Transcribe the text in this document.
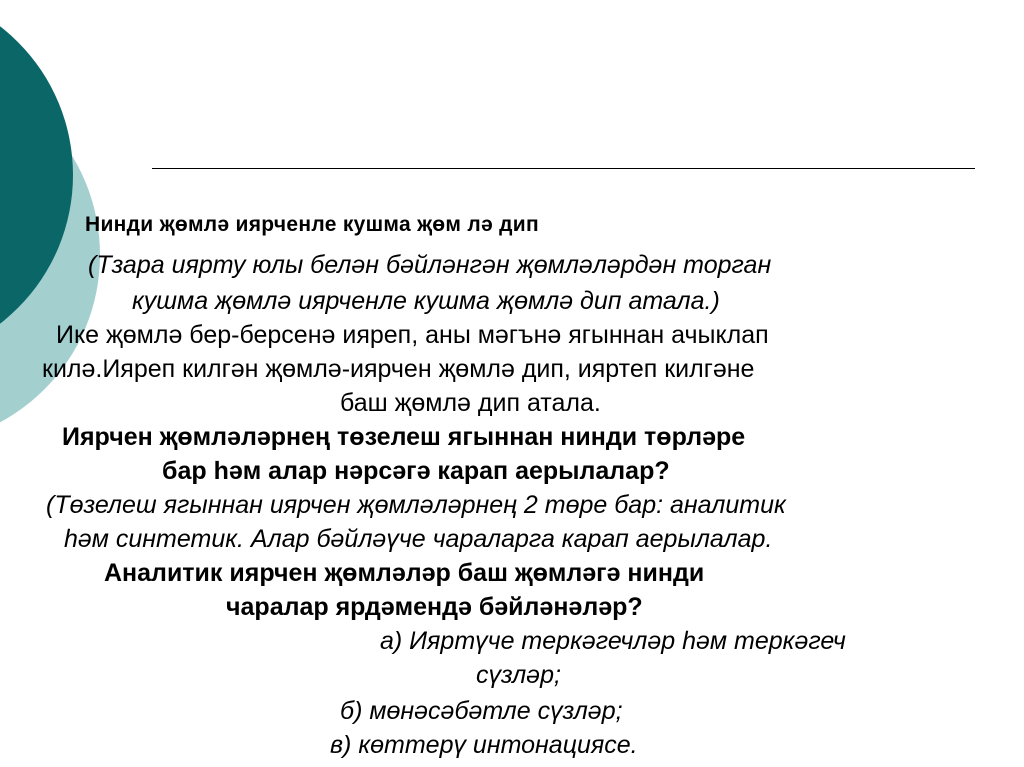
Нинди җөмлә иярченле кушма җөм лә дип
(Тзара иярту юлы белән бәйләнгән җөмләләрдән торган
кушма җөмлә иярченле кушма җөмлә дип атала.)
Ике җөмлә бер-берсенә ияреп, аны мәгънә ягыннан ачыклап
килә.Ияреп килгән җөмлә-иярчен җөмлә дип, ияртеп килгәне
баш җөмлә дип атала.
Иярчен җөмләләрнең төзелеш ягыннан нинди төрләре
бар һәм алар нәрсәгә карап аерылалар?
(Төзелеш ягыннан иярчен җөмләләрнең 2 төре бар: аналитик
һәм синтетик. Алар бәйләүче чараларга карап аерылалар.
Аналитик иярчен җөмләләр баш җөмләгә нинди
чаралар ярдәмендә бәйләнәләр?
а) Ияртүче теркәгечләр һәм теркәгеч
сүзләр;
б) мөнәсәбәтле сүзләр;
в) көттерү интонациясе.
